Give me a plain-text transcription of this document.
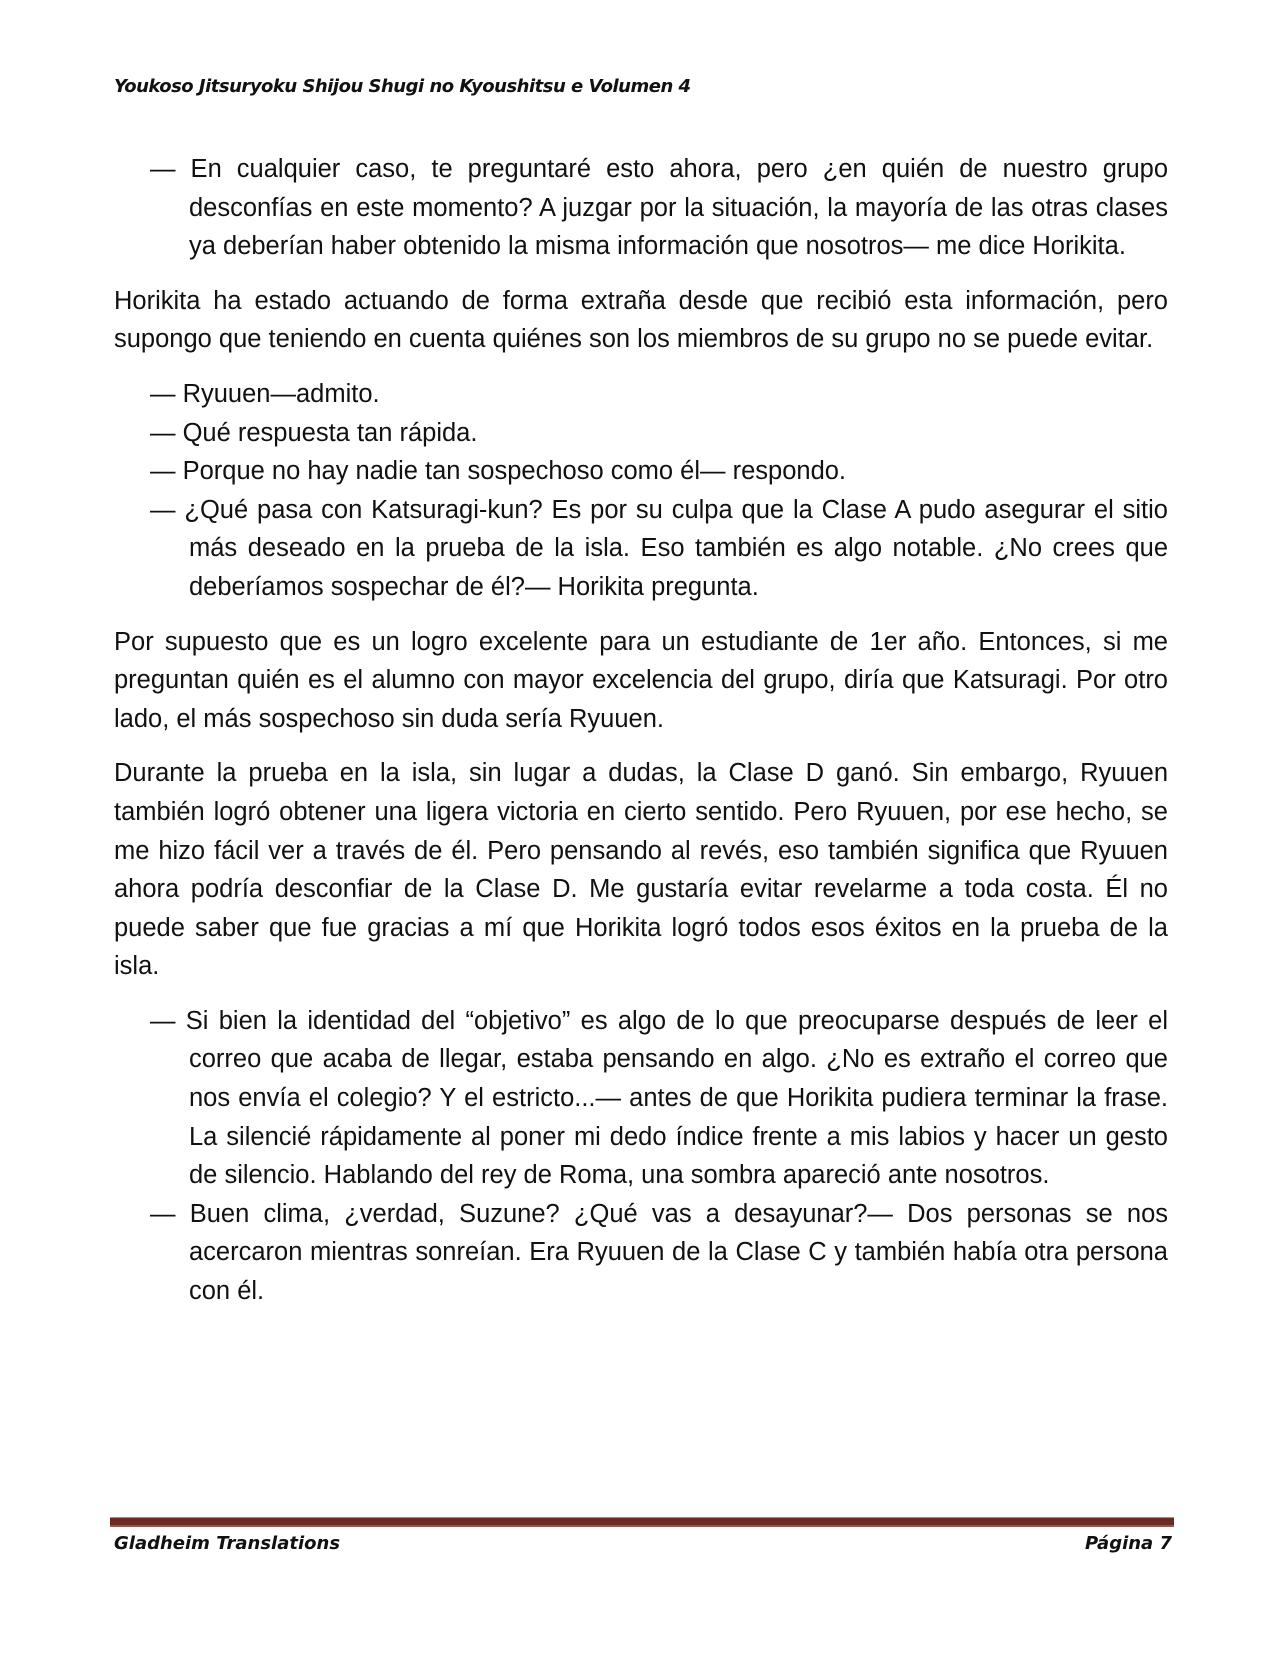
Youkoso Jitsuryoku Shijou Shugi no Kyoushitsu e Volumen 4

— En cualquier caso, te preguntaré esto ahora, pero ¿en quién de nuestro grupo desconfías en este momento? A juzgar por la situación, la mayoría de las otras clases ya deberían haber obtenido la misma información que nosotros— me dice Horikita.

Horikita ha estado actuando de forma extraña desde que recibió esta información, pero supongo que teniendo en cuenta quiénes son los miembros de su grupo no se puede evitar.

— Ryuuen—admito.

— Qué respuesta tan rápida.

— Porque no hay nadie tan sospechoso como él— respondo.

— ¿Qué pasa con Katsuragi-kun? Es por su culpa que la Clase A pudo asegurar el sitio más deseado en la prueba de la isla. Eso también es algo notable. ¿No crees que deberíamos sospechar de él?— Horikita pregunta.

Por supuesto que es un logro excelente para un estudiante de 1er año. Entonces, si me preguntan quién es el alumno con mayor excelencia del grupo, diría que Katsuragi. Por otro lado, el más sospechoso sin duda sería Ryuuen.

Durante la prueba en la isla, sin lugar a dudas, la Clase D ganó. Sin embargo, Ryuuen también logró obtener una ligera victoria en cierto sentido. Pero Ryuuen, por ese hecho, se me hizo fácil ver a través de él. Pero pensando al revés, eso también significa que Ryuuen ahora podría desconfiar de la Clase D. Me gustaría evitar revelarme a toda costa. Él no puede saber que fue gracias a mí que Horikita logró todos esos éxitos en la prueba de la isla.

— Si bien la identidad del “objetivo” es algo de lo que preocuparse después de leer el correo que acaba de llegar, estaba pensando en algo. ¿No es extraño el correo que nos envía el colegio? Y el estricto...— antes de que Horikita pudiera terminar la frase. La silencié rápidamente al poner mi dedo índice frente a mis labios y hacer un gesto de silencio. Hablando del rey de Roma, una sombra apareció ante nosotros.

— Buen clima, ¿verdad, Suzune? ¿Qué vas a desayunar?— Dos personas se nos acercaron mientras sonreían. Era Ryuuen de la Clase C y también había otra persona con él.

Gladheim Translations	Página 7
